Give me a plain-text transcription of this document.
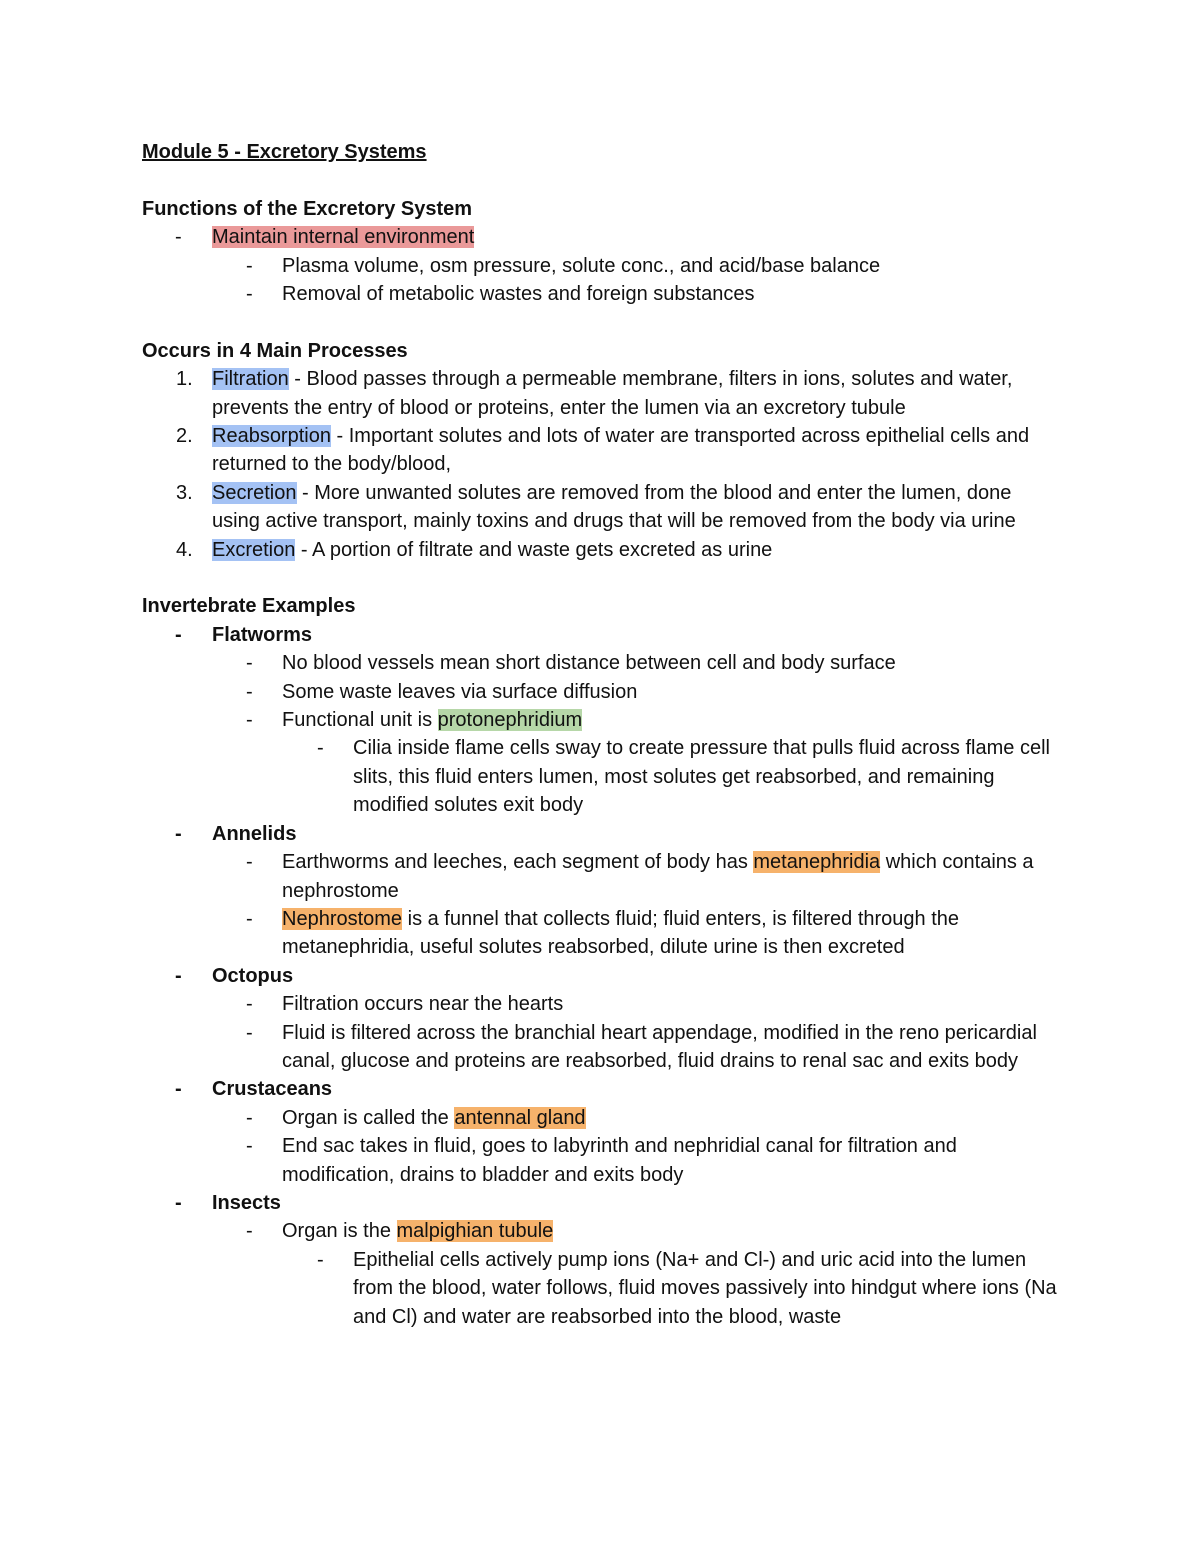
Module 5 - Excretory Systems
Functions of the Excretory System
- Maintain internal environment
- Plasma volume, osm pressure, solute conc., and acid/base balance
- Removal of metabolic wastes and foreign substances
Occurs in 4 Main Processes
1. Filtration - Blood passes through a permeable membrane, filters in ions, solutes and water, prevents the entry of blood or proteins, enter the lumen via an excretory tubule
2. Reabsorption - Important solutes and lots of water are transported across epithelial cells and returned to the body/blood,
3. Secretion - More unwanted solutes are removed from the blood and enter the lumen, done using active transport, mainly toxins and drugs that will be removed from the body via urine
4. Excretion - A portion of filtrate and waste gets excreted as urine
Invertebrate Examples
- Flatworms
- No blood vessels mean short distance between cell and body surface
- Some waste leaves via surface diffusion
- Functional unit is protonephridium
- Cilia inside flame cells sway to create pressure that pulls fluid across flame cell slits, this fluid enters lumen, most solutes get reabsorbed, and remaining modified solutes exit body
- Annelids
- Earthworms and leeches, each segment of body has metanephridia which contains a nephrostome
- Nephrostome is a funnel that collects fluid; fluid enters, is filtered through the metanephridia, useful solutes reabsorbed, dilute urine is then excreted
- Octopus
- Filtration occurs near the hearts
- Fluid is filtered across the branchial heart appendage, modified in the reno pericardial canal, glucose and proteins are reabsorbed, fluid drains to renal sac and exits body
- Crustaceans
- Organ is called the antennal gland
- End sac takes in fluid, goes to labyrinth and nephridial canal for filtration and modification, drains to bladder and exits body
- Insects
- Organ is the malpighian tubule
- Epithelial cells actively pump ions (Na+ and Cl-) and uric acid into the lumen from the blood, water follows, fluid moves passively into hindgut where ions (Na and Cl) and water are reabsorbed into the blood, waste
